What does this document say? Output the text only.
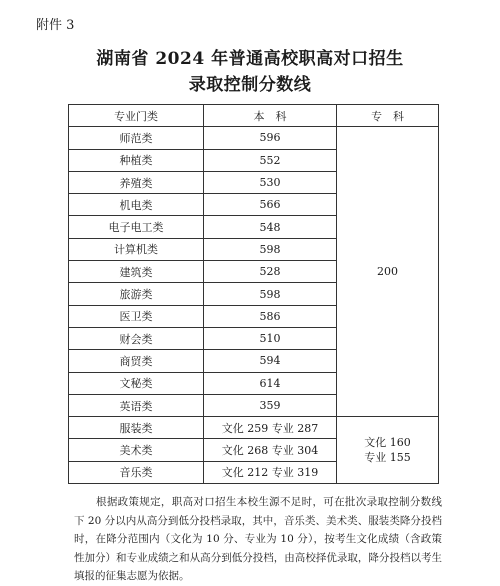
附件 3
湖南省 2024 年普通高校职高对口招生
录取控制分数线
专业门类	本　科	专　科
师范类	596	200
种植类	552	
养殖类	530	
机电类	566	
电子电工类	548	
计算机类	598	
建筑类	528	
旅游类	598	
医卫类	586	
财会类	510	
商贸类	594	
文秘类	614	
英语类	359	
服装类	文化 259 专业 287	文化 160
专业 155

美术类	文化 268 专业 304	
音乐类	文化 212 专业 319	
根据政策规定，职高对口招生本校生源不足时，可在批次录取控制分数线下 20 分以内从高分到低分投档录取，其中，音乐类、美术类、服装类降分投档时，在降分范围内（文化为 10 分、专业为 10 分），按考生文化成绩（含政策性加分）和专业成绩之和从高分到低分投档，由高校择优录取，降分投档以考生填报的征集志愿为依据。
